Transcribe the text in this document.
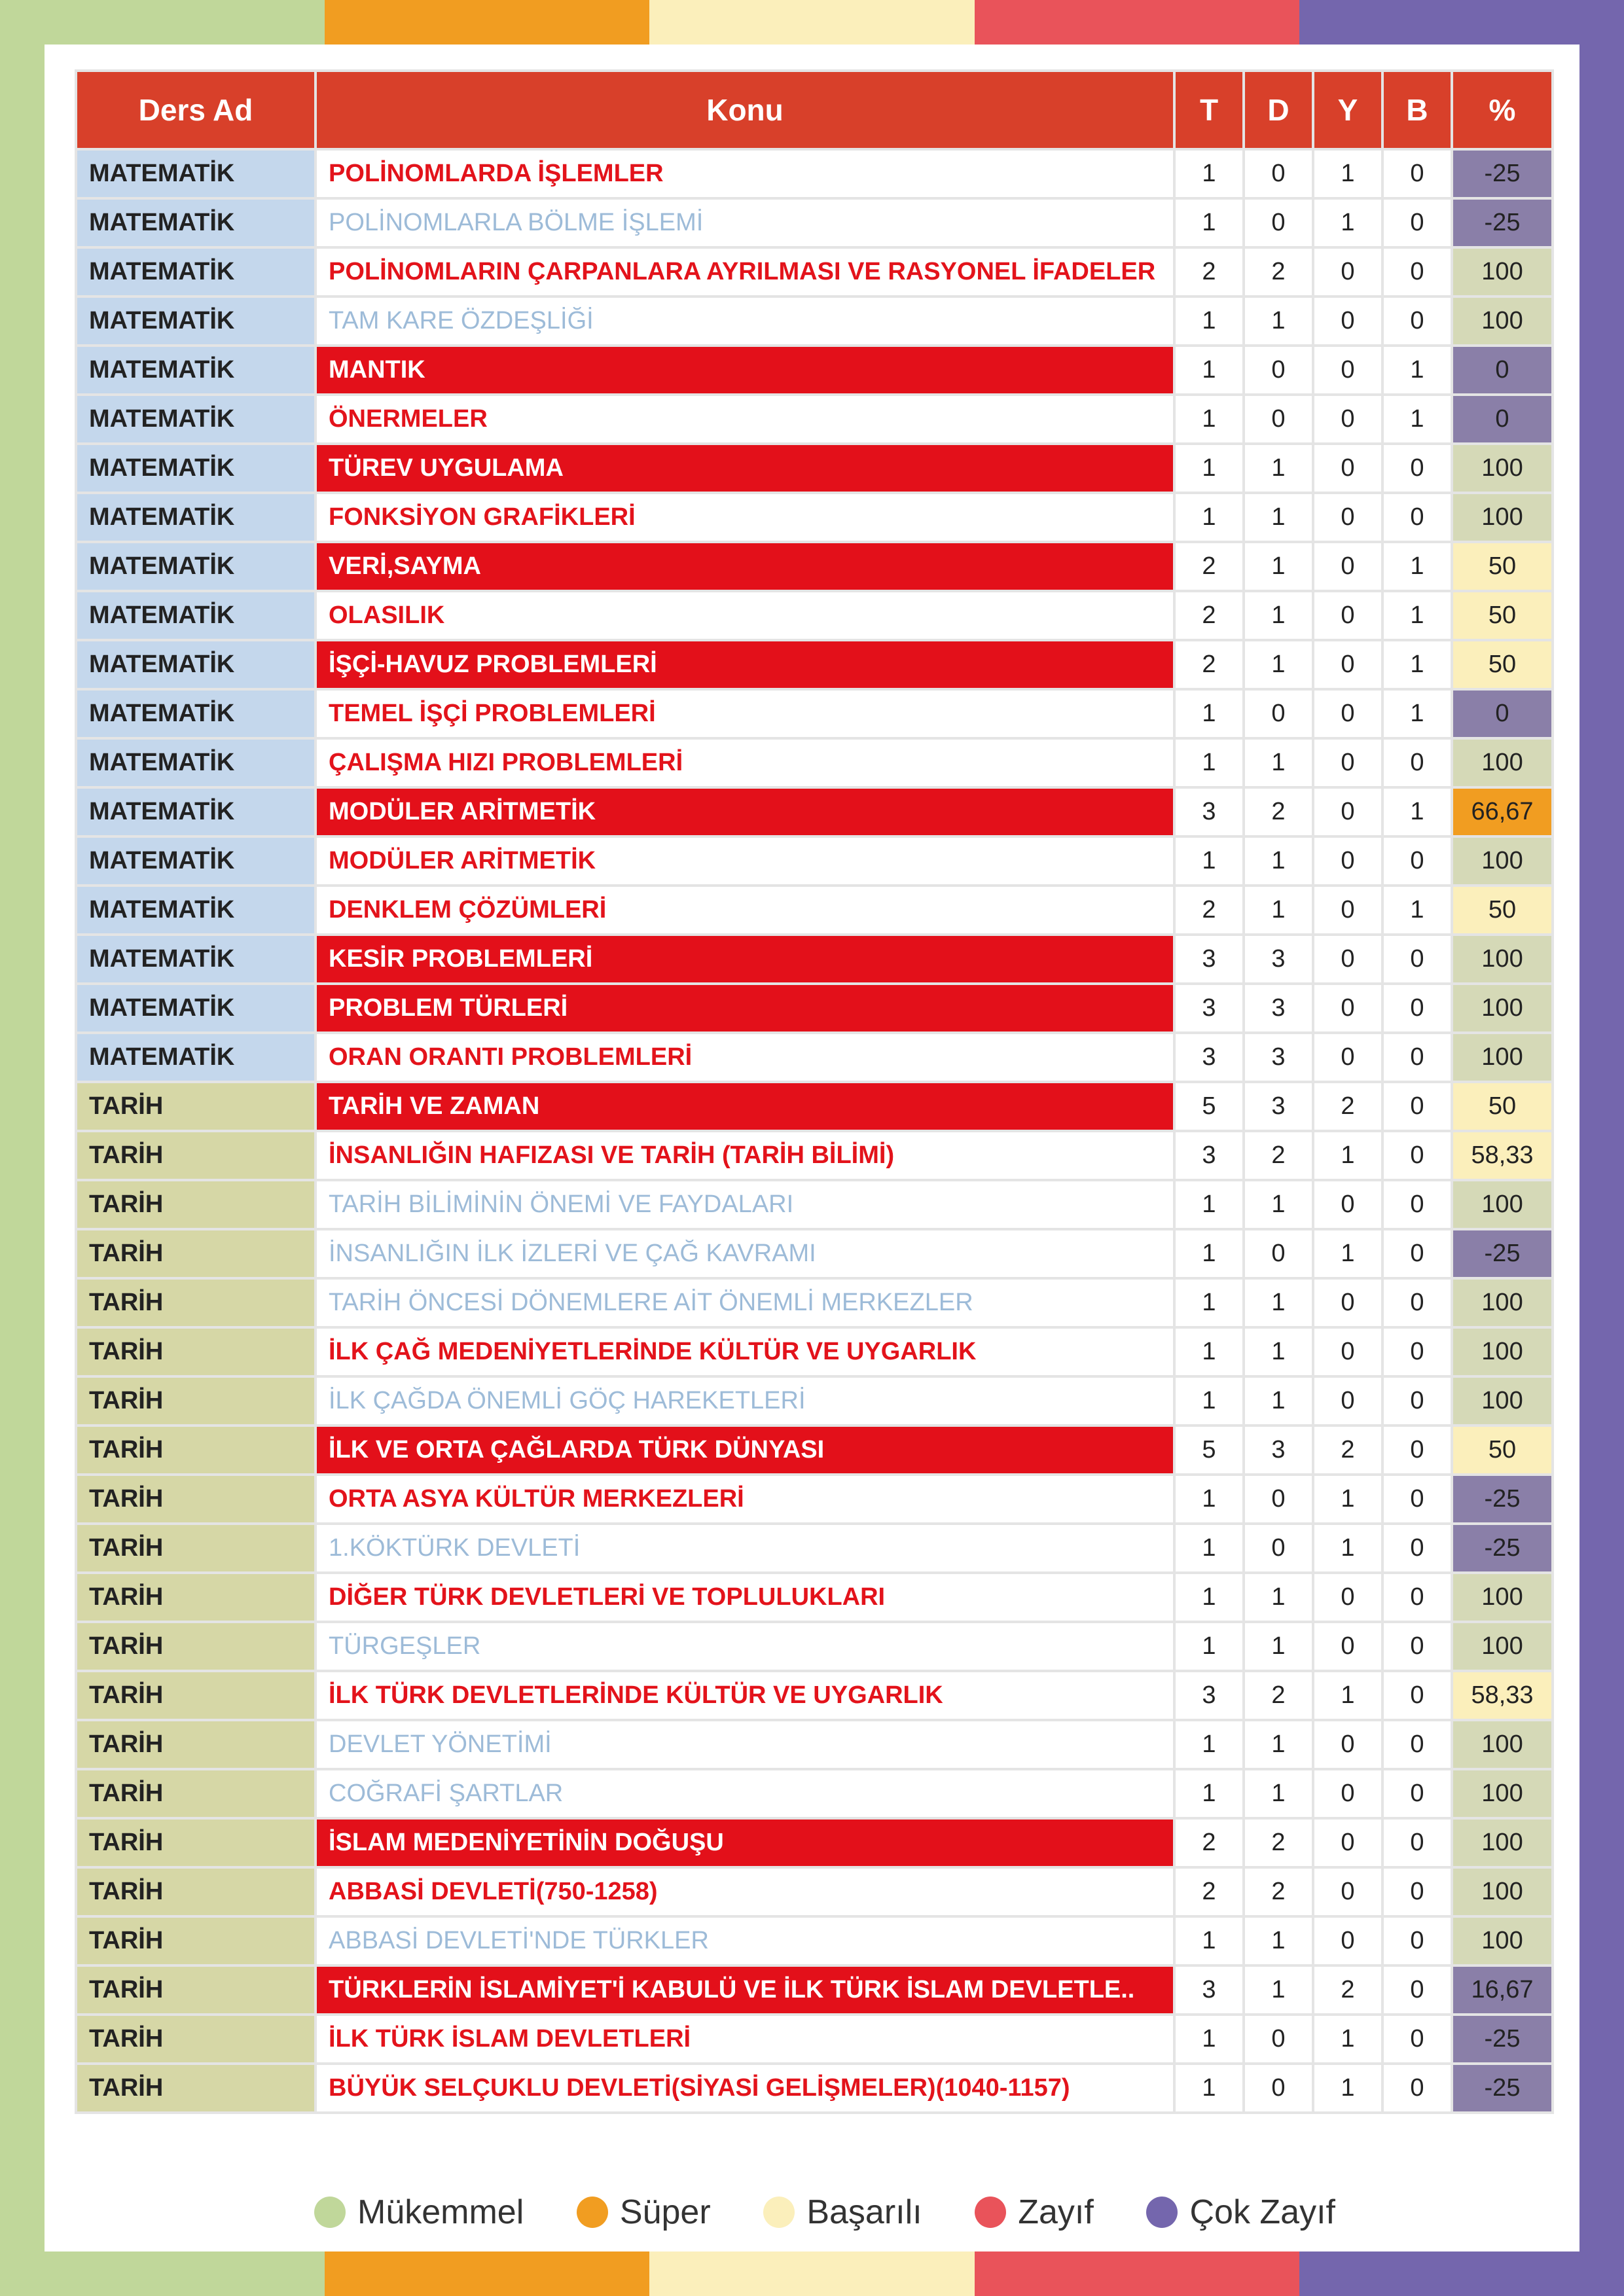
Ders Ad	Konu	T	D	Y	B	%
MATEMATİK	POLİNOMLARDA İŞLEMLER	1	0	1	0	-25
MATEMATİK	POLİNOMLARLA BÖLME İŞLEMİ	1	0	1	0	-25
MATEMATİK	POLİNOMLARIN ÇARPANLARA AYRILMASI VE RASYONEL İFADELER	2	2	0	0	100
MATEMATİK	TAM KARE ÖZDEŞLİĞİ	1	1	0	0	100
MATEMATİK	MANTIK	1	0	0	1	0
MATEMATİK	ÖNERMELER	1	0	0	1	0
MATEMATİK	TÜREV UYGULAMA	1	1	0	0	100
MATEMATİK	FONKSİYON GRAFİKLERİ	1	1	0	0	100
MATEMATİK	VERİ,SAYMA	2	1	0	1	50
MATEMATİK	OLASILIK	2	1	0	1	50
MATEMATİK	İŞÇİ-HAVUZ PROBLEMLERİ	2	1	0	1	50
MATEMATİK	TEMEL İŞÇİ PROBLEMLERİ	1	0	0	1	0
MATEMATİK	ÇALIŞMA HIZI PROBLEMLERİ	1	1	0	0	100
MATEMATİK	MODÜLER ARİTMETİK	3	2	0	1	66,67
MATEMATİK	MODÜLER ARİTMETİK	1	1	0	0	100
MATEMATİK	DENKLEM ÇÖZÜMLERİ	2	1	0	1	50
MATEMATİK	KESİR PROBLEMLERİ	3	3	0	0	100
MATEMATİK	PROBLEM TÜRLERİ	3	3	0	0	100
MATEMATİK	ORAN ORANTI PROBLEMLERİ	3	3	0	0	100
TARİH	TARİH VE ZAMAN	5	3	2	0	50
TARİH	İNSANLIĞIN HAFIZASI VE TARİH (TARİH BİLİMİ)	3	2	1	0	58,33
TARİH	TARİH BİLİMİNİN ÖNEMİ VE FAYDALARI	1	1	0	0	100
TARİH	İNSANLIĞIN İLK İZLERİ VE ÇAĞ KAVRAMI	1	0	1	0	-25
TARİH	TARİH ÖNCESİ DÖNEMLERE AİT ÖNEMLİ MERKEZLER	1	1	0	0	100
TARİH	İLK ÇAĞ MEDENİYETLERİNDE KÜLTÜR VE UYGARLIK	1	1	0	0	100
TARİH	İLK ÇAĞDA ÖNEMLİ GÖÇ HAREKETLERİ	1	1	0	0	100
TARİH	İLK VE ORTA ÇAĞLARDA TÜRK DÜNYASI	5	3	2	0	50
TARİH	ORTA ASYA KÜLTÜR MERKEZLERİ	1	0	1	0	-25
TARİH	1.KÖKTÜRK DEVLETİ	1	0	1	0	-25
TARİH	DİĞER TÜRK DEVLETLERİ VE TOPLULUKLARI	1	1	0	0	100
TARİH	TÜRGEŞLER	1	1	0	0	100
TARİH	İLK TÜRK DEVLETLERİNDE KÜLTÜR VE UYGARLIK	3	2	1	0	58,33
TARİH	DEVLET YÖNETİMİ	1	1	0	0	100
TARİH	COĞRAFİ ŞARTLAR	1	1	0	0	100
TARİH	İSLAM MEDENİYETİNİN DOĞUŞU	2	2	0	0	100
TARİH	ABBASİ DEVLETİ(750-1258)	2	2	0	0	100
TARİH	ABBASİ DEVLETİ'NDE TÜRKLER	1	1	0	0	100
TARİH	TÜRKLERİN İSLAMİYET'İ KABULÜ VE İLK TÜRK İSLAM DEVLETLE..	3	1	2	0	16,67
TARİH	İLK TÜRK İSLAM DEVLETLERİ	1	0	1	0	-25
TARİH	BÜYÜK SELÇUKLU DEVLETİ(SİYASİ GELİŞMELER)(1040-1157)	1	0	1	0	-25
Mükemmel	Süper	Başarılı	Zayıf	Çok Zayıf
